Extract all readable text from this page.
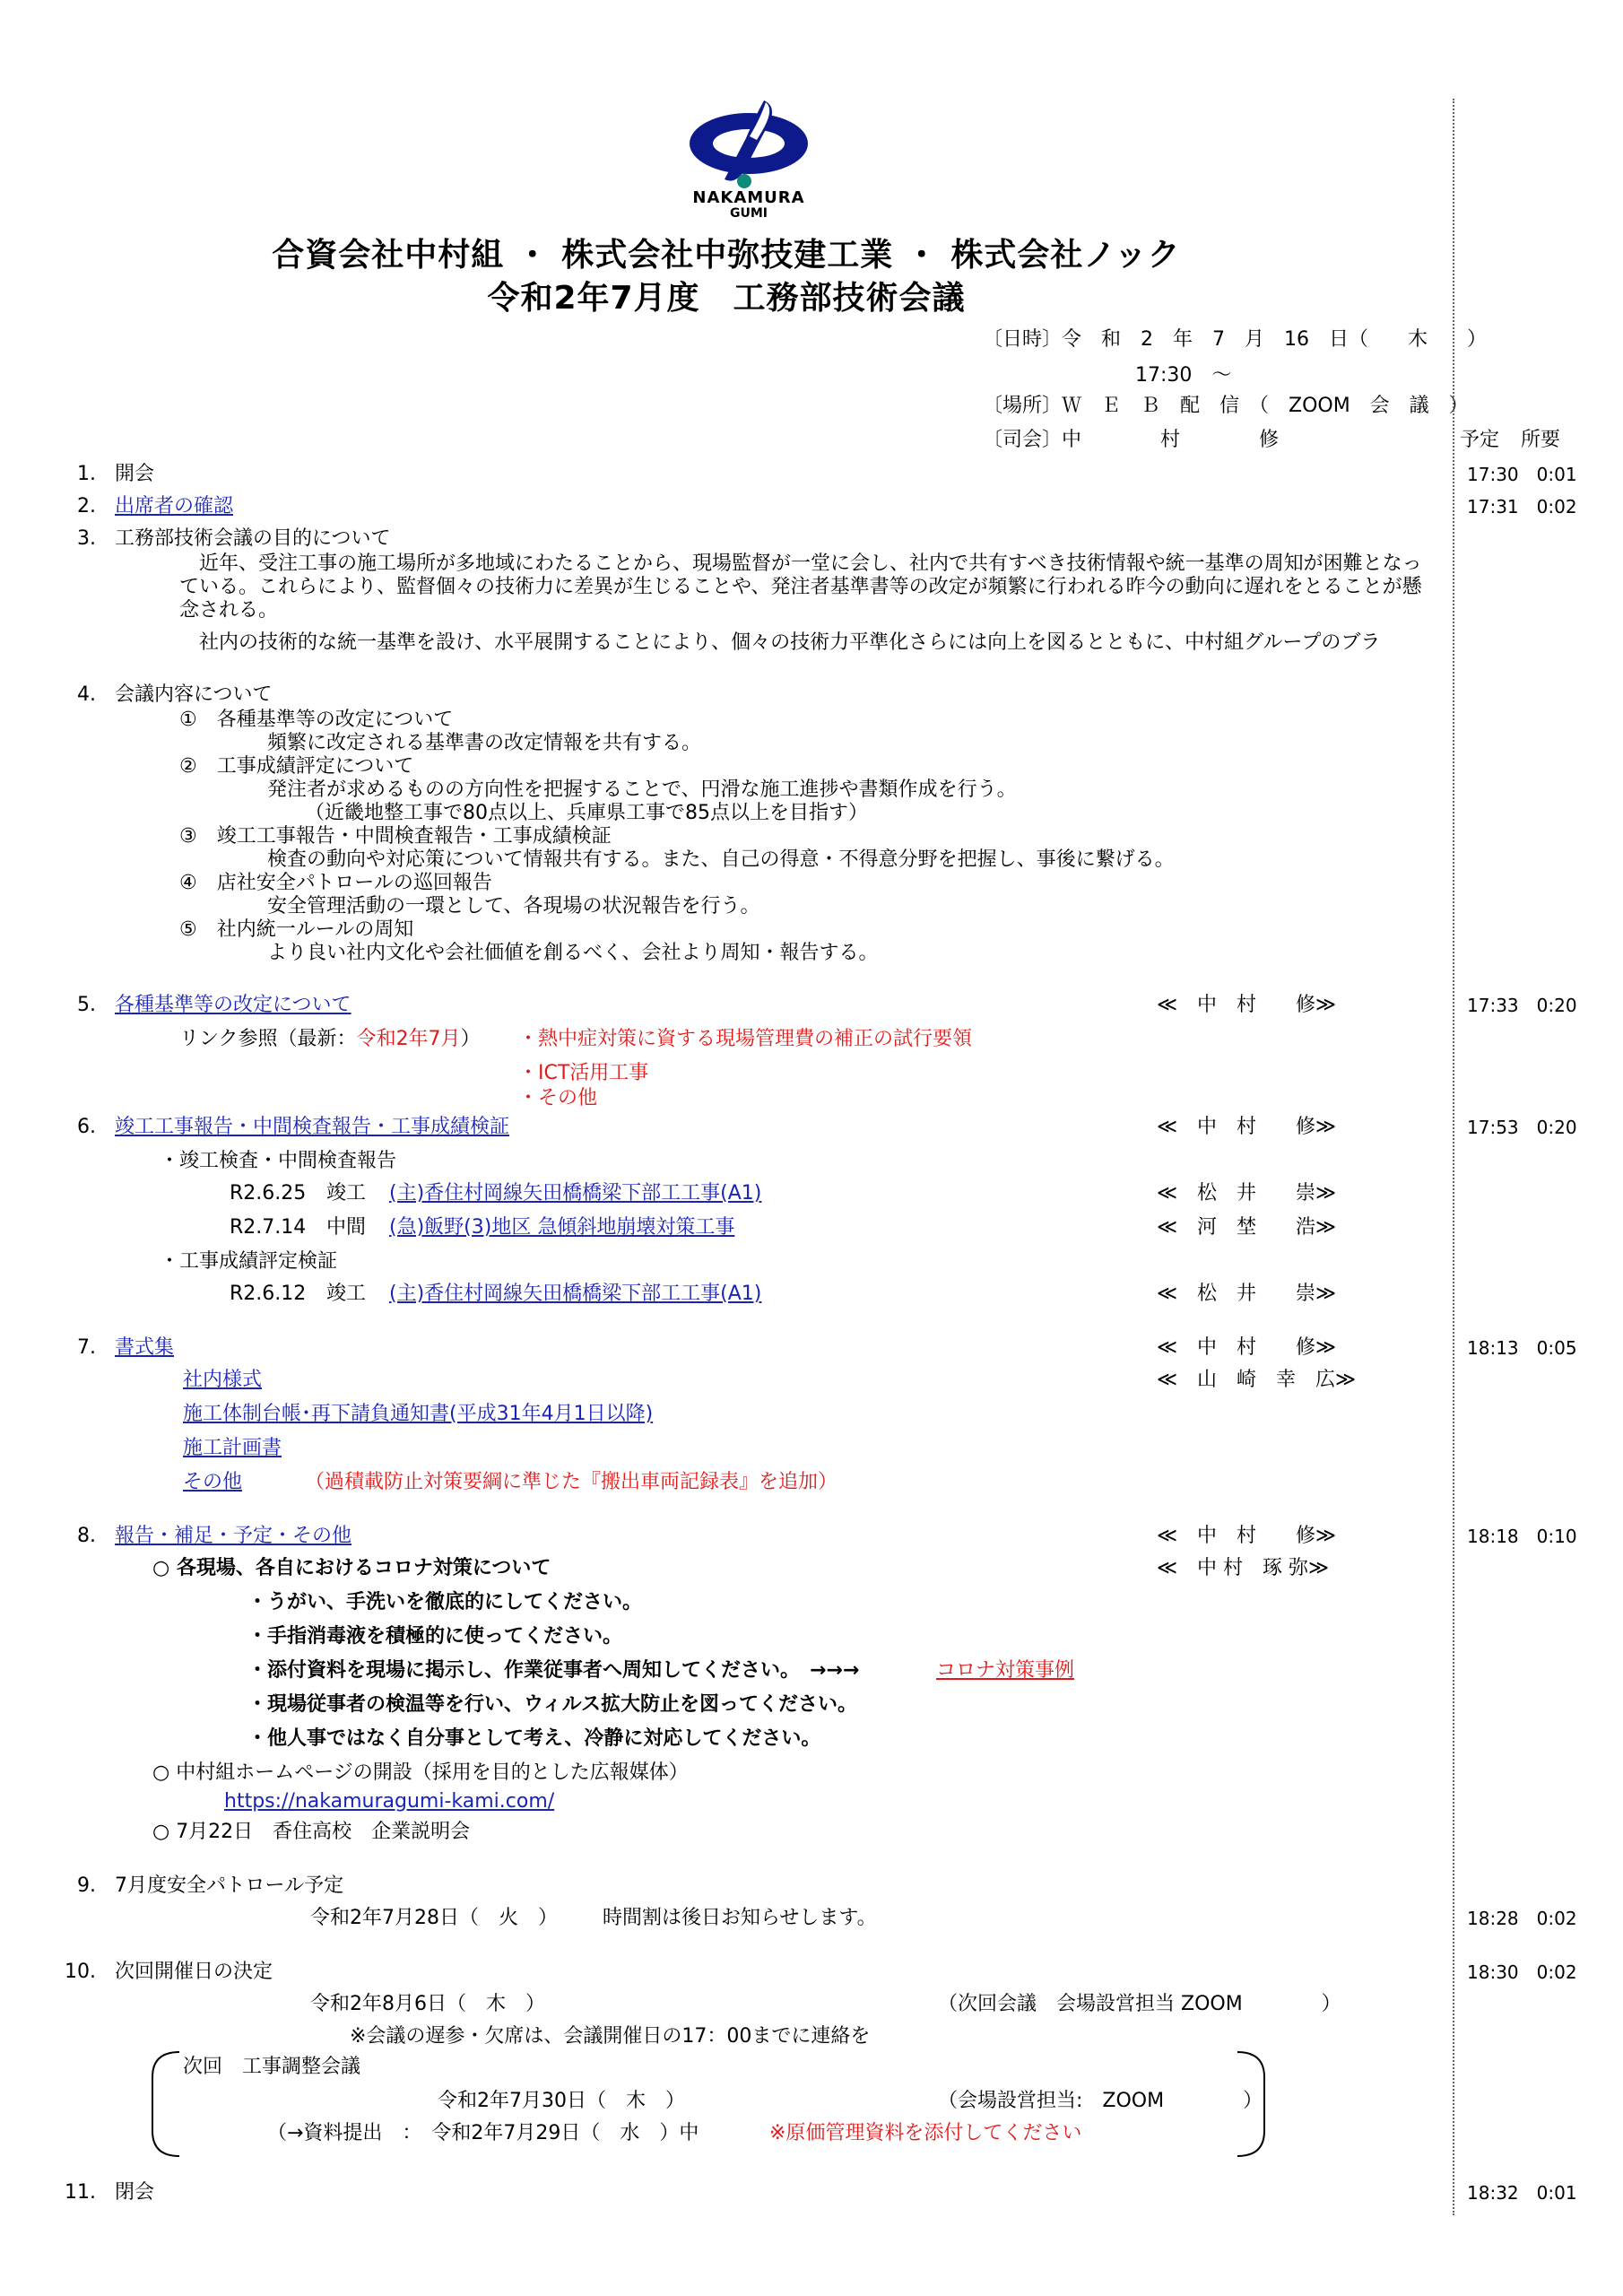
NAKAMURA
GUMI
合資会社中村組 ・ 株式会社中弥技建工業 ・ 株式会社ノック
令和2年7月度　工務部技術会議
〔日時〕令　和　2　年　7　月　16　日（　　木　　）
17:30　～
〔場所〕Ｗ　Ｅ　Ｂ　配　信　（　ZOOM　会　議　）
〔司会〕中　　　　村　　　　修	予定 所要
1. 開会	17:30 0:01
2. 出席者の確認	17:31 0:02
3. 工務部技術会議の目的について
　近年、受注工事の施工場所が多地域にわたることから、現場監督が一堂に会し、社内で共有すべき技術情報や統一基準の周知が困難となっている。これらにより、監督個々の技術力に差異が生じることや、発注者基準書等の改定が頻繁に行われる昨今の動向に遅れをとることが懸念される。
　社内の技術的な統一基準を設け、水平展開することにより、個々の技術力平準化さらには向上を図るとともに、中村組グループのブラ
4. 会議内容について
①　各種基準等の改定について
頻繁に改定される基準書の改定情報を共有する。
②　工事成績評定について
発注者が求めるものの方向性を把握することで、円滑な施工進捗や書類作成を行う。
（近畿地整工事で80点以上、兵庫県工事で85点以上を目指す）
③　竣工工事報告・中間検査報告・工事成績検証
検査の動向や対応策について情報共有する。また、自己の得意・不得意分野を把握し、事後に繋げる。
④　店社安全パトロールの巡回報告
安全管理活動の一環として、各現場の状況報告を行う。
⑤　社内統一ルールの周知
より良い社内文化や会社価値を創るべく、会社より周知・報告する。
5. 各種基準等の改定について	≪　中　村　　修≫	17:33 0:20
リンク参照（最新：令和2年7月） ・熱中症対策に資する現場管理費の補正の試行要領
・ICT活用工事
・その他
6. 竣工工事報告・中間検査報告・工事成績検証	≪　中　村　　修≫	17:53 0:20
・竣工検査・中間検査報告
R2.6.25 竣工 (主)香住村岡線矢田橋橋梁下部工工事(A1)	≪　松　井　　崇≫
R2.7.14 中間 (急)飯野(3)地区 急傾斜地崩壊対策工事	≪　河　埜　　浩≫
・工事成績評定検証
R2.6.12 竣工 (主)香住村岡線矢田橋橋梁下部工工事(A1)	≪　松　井　　崇≫
7. 書式集	≪　中　村　　修≫	18:13 0:05
社内様式	≪　山　崎　幸　広≫
施工体制台帳･再下請負通知書(平成31年4月1日以降)
施工計画書
その他	（過積載防止対策要綱に準じた『搬出車両記録表』を追加）
8. 報告・補足・予定・その他	≪　中　村　　修≫	18:18 0:10
○ 各現場、各自におけるコロナ対策について	≪　中 村　琢 弥≫
・うがい、手洗いを徹底的にしてください。
・手指消毒液を積極的に使ってください。
・添付資料を現場に掲示し、作業従事者へ周知してください。　→→→	コロナ対策事例
・現場従事者の検温等を行い、ウィルス拡大防止を図ってください。
・他人事ではなく自分事として考え、冷静に対応してください。
○ 中村組ホームページの開設（採用を目的とした広報媒体）
https://nakamuragumi-kami.com/
○ 7月22日　香住高校　企業説明会
9. 7月度安全パトロール予定
令和2年7月28日（　火　） 時間割は後日お知らせします。	18:28 0:02
10. 次回開催日の決定	18:30 0:02
令和2年8月6日（　木　）	（次回会議　会場設営担当 ZOOM　　　　）
※会議の遅参・欠席は、会議開催日の17：00までに連絡を
次回　工事調整会議
令和2年7月30日（　木　）	（会場設営担当:　ZOOM　　　　）
（→資料提出　：　令和2年7月29日（　水　）中	※原価管理資料を添付してください
11. 閉会	18:32 0:01
